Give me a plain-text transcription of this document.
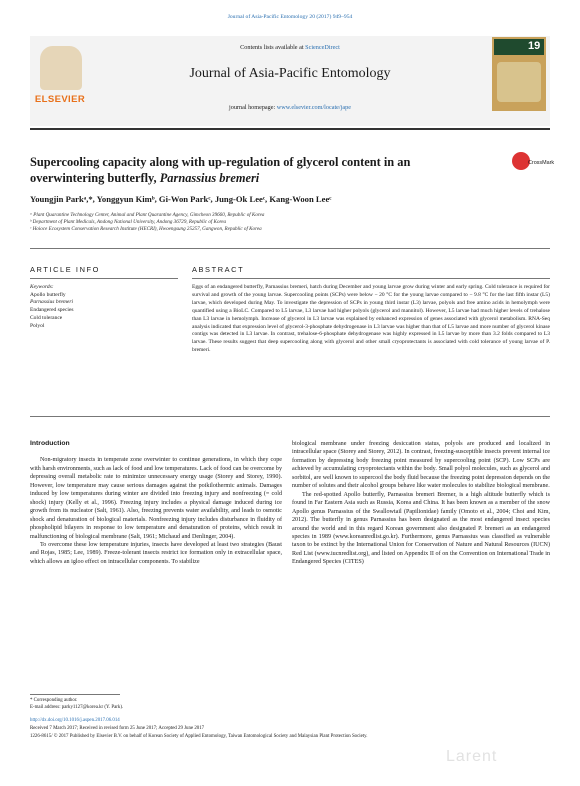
Journal of Asia-Pacific Entomology 20 (2017) 949–954
ELSEVIER
Contents lists available at ScienceDirect
Journal of Asia-Pacific Entomology
journal homepage: www.elsevier.com/locate/jape
19
Supercooling capacity along with up-regulation of glycerol content in an
overwintering butterfly, Parnassius bremeri
CrossMark
Youngjin Parkᵃ,*, Yonggyun Kimᵇ, Gi-Won Parkᶜ, Jung-Ok Leeᶜ, Kang-Woon Leeᶜ
ᵃ Plant Quarantine Technology Center, Animal and Plant Quarantine Agency, Gimcheon 39660, Republic of Korea
ᵇ Department of Plant Medicals, Andong National University, Andong 36729, Republic of Korea
ᶜ Hoioce Ecosystem Conservation Research Institute (HECRI), Hwoengsung 25257, Gangwon, Republic of Korea
ARTICLE INFO
Keywords:
Apollo butterfly
Parnassius bremeri
Endangered species
Cold tolerance
Polyol
ABSTRACT
Eggs of an endangered butterfly, Parnassius bremeri, hatch during December and young larvae grow during winter and early spring. Cold tolerance is required for survival and growth of the young larvae. Supercooling points (SCPs) were below − 20 °C for the young larvae compared to − 9.8 °C for the last fifth instar (L5) larvae, which developed during May. To investigate the depression of SCPs in young third instar (L3) larvae, polyols and free amino acids in hemolymph were quantified using a BioLC. Compared to L5 larvae, L3 larvae had higher polyols (glycerol and mannitol). However, L5 larvae had much higher levels of trehalose than L3 larvae in hemolymph. Increase of glycerol in L3 larvae was explained by enhanced expression of genes associated with glycerol metabolism. RNA-Seq analysis indicated that expression level of glycerol-3-phosphate dehydrogenase in L3 larvae was higher than that of L5 larvae and more number of glycerol kinase contigs was detected in L3 larvae. In contrast, trehalose-6-phosphate dehydrogenase was highly expressed in L5 larvae by more than 3.2 folds compared to L3 larvae. These results suggest that deep supercooling along with glycerol and other small cryoprotectants is associated with cold tolerance of young larvae of P. bremeri.
Introduction

Non-migratory insects in temperate zone overwinter to continue generations, in which they cope with harsh environments, such as lack of food and low temperatures. Lack of food can be overcome by depressing overall metabolic rate to minimize unnecessary energy usage (Storey and Storey, 1990). However, low temperature may cause serious damages against the poikilothermic animals. Damages induced by low temperatures during winter are divided into freezing injury and nonfreezing (= cold shock) injury (Kelly et al., 1996). Freezing injury includes a physical damage induced during ice growth from its nucleator (Salt, 1961). Also, freezing prevents water availability, and leads to osmotic shock and denaturation of biological materials. Nonfreezing injury includes disturbance in fluidity of phospholipid bilayers in response to low temperature and denaturation of proteins, which result in malfunctioning of biological membrane (Salt, 1961; Michaud and Denlinger, 2004).

To overcome these low temperature injuries, insects have developed at least two strategies (Baust and Rojas, 1985; Lee, 1989). Freeze-tolerant insects restrict ice formation only in extracellular space, which allows an igloo effect on intracellular components. To stabilize

biological membrane under freezing desiccation status, polyols are produced and localized in intracellular space (Storey and Storey, 2012). In contrast, freezing-susceptible insects prevent internal ice formation by depressing body freezing point measured by supercooling point (SCP). Low SCPs are achieved by accumulating cryoprotectants within the body. Small polyol molecules, such as glycerol and sorbitol, are well known to supercool the body fluid because the freezing point depression depends on the number of solutes and their alcohol groups behave like water molecules to stabilize biological membrane.

The red-spotted Apollo butterfly, Parnassius bremeri Bremer, is a high altitude butterfly which is found in Far Eastern Asia such as Russia, Korea and China. It has been known as a member of the snow Apollo genus Parnassius of the Swallowtail (Papilionidae) family (Omoto et al., 2004; Choi and Kim, 2012). The butterfly in genus Parnassius has been designated as the most endangered insect species around the world and in this regard Korean government also designated P. bremeri as an endangered species in 1989 (www.koreanredlist.go.kr). Furthermore, genus Parnassius was classified as vulnerable taxon to be extinct by the International Union for Conservation of Nature and Natural Resources (IUCN) Red List (www.iucnredlist.org), and listed on Appendix II of on the Convention on International Trade in Endangered Species (CITES)

* Corresponding author.
E-mail address: parky1127@korea.kr (Y. Park).
http://dx.doi.org/10.1016/j.aspen.2017.06.014
Received 7 March 2017; Received in revised form 25 June 2017; Accepted 29 June 2017
1226-8615/ © 2017 Published by Elsevier B.V. on behalf of Korean Society of Applied Entomology, Taiwan Entomological Society and Malaysian Plant Protection Society.
Larent
